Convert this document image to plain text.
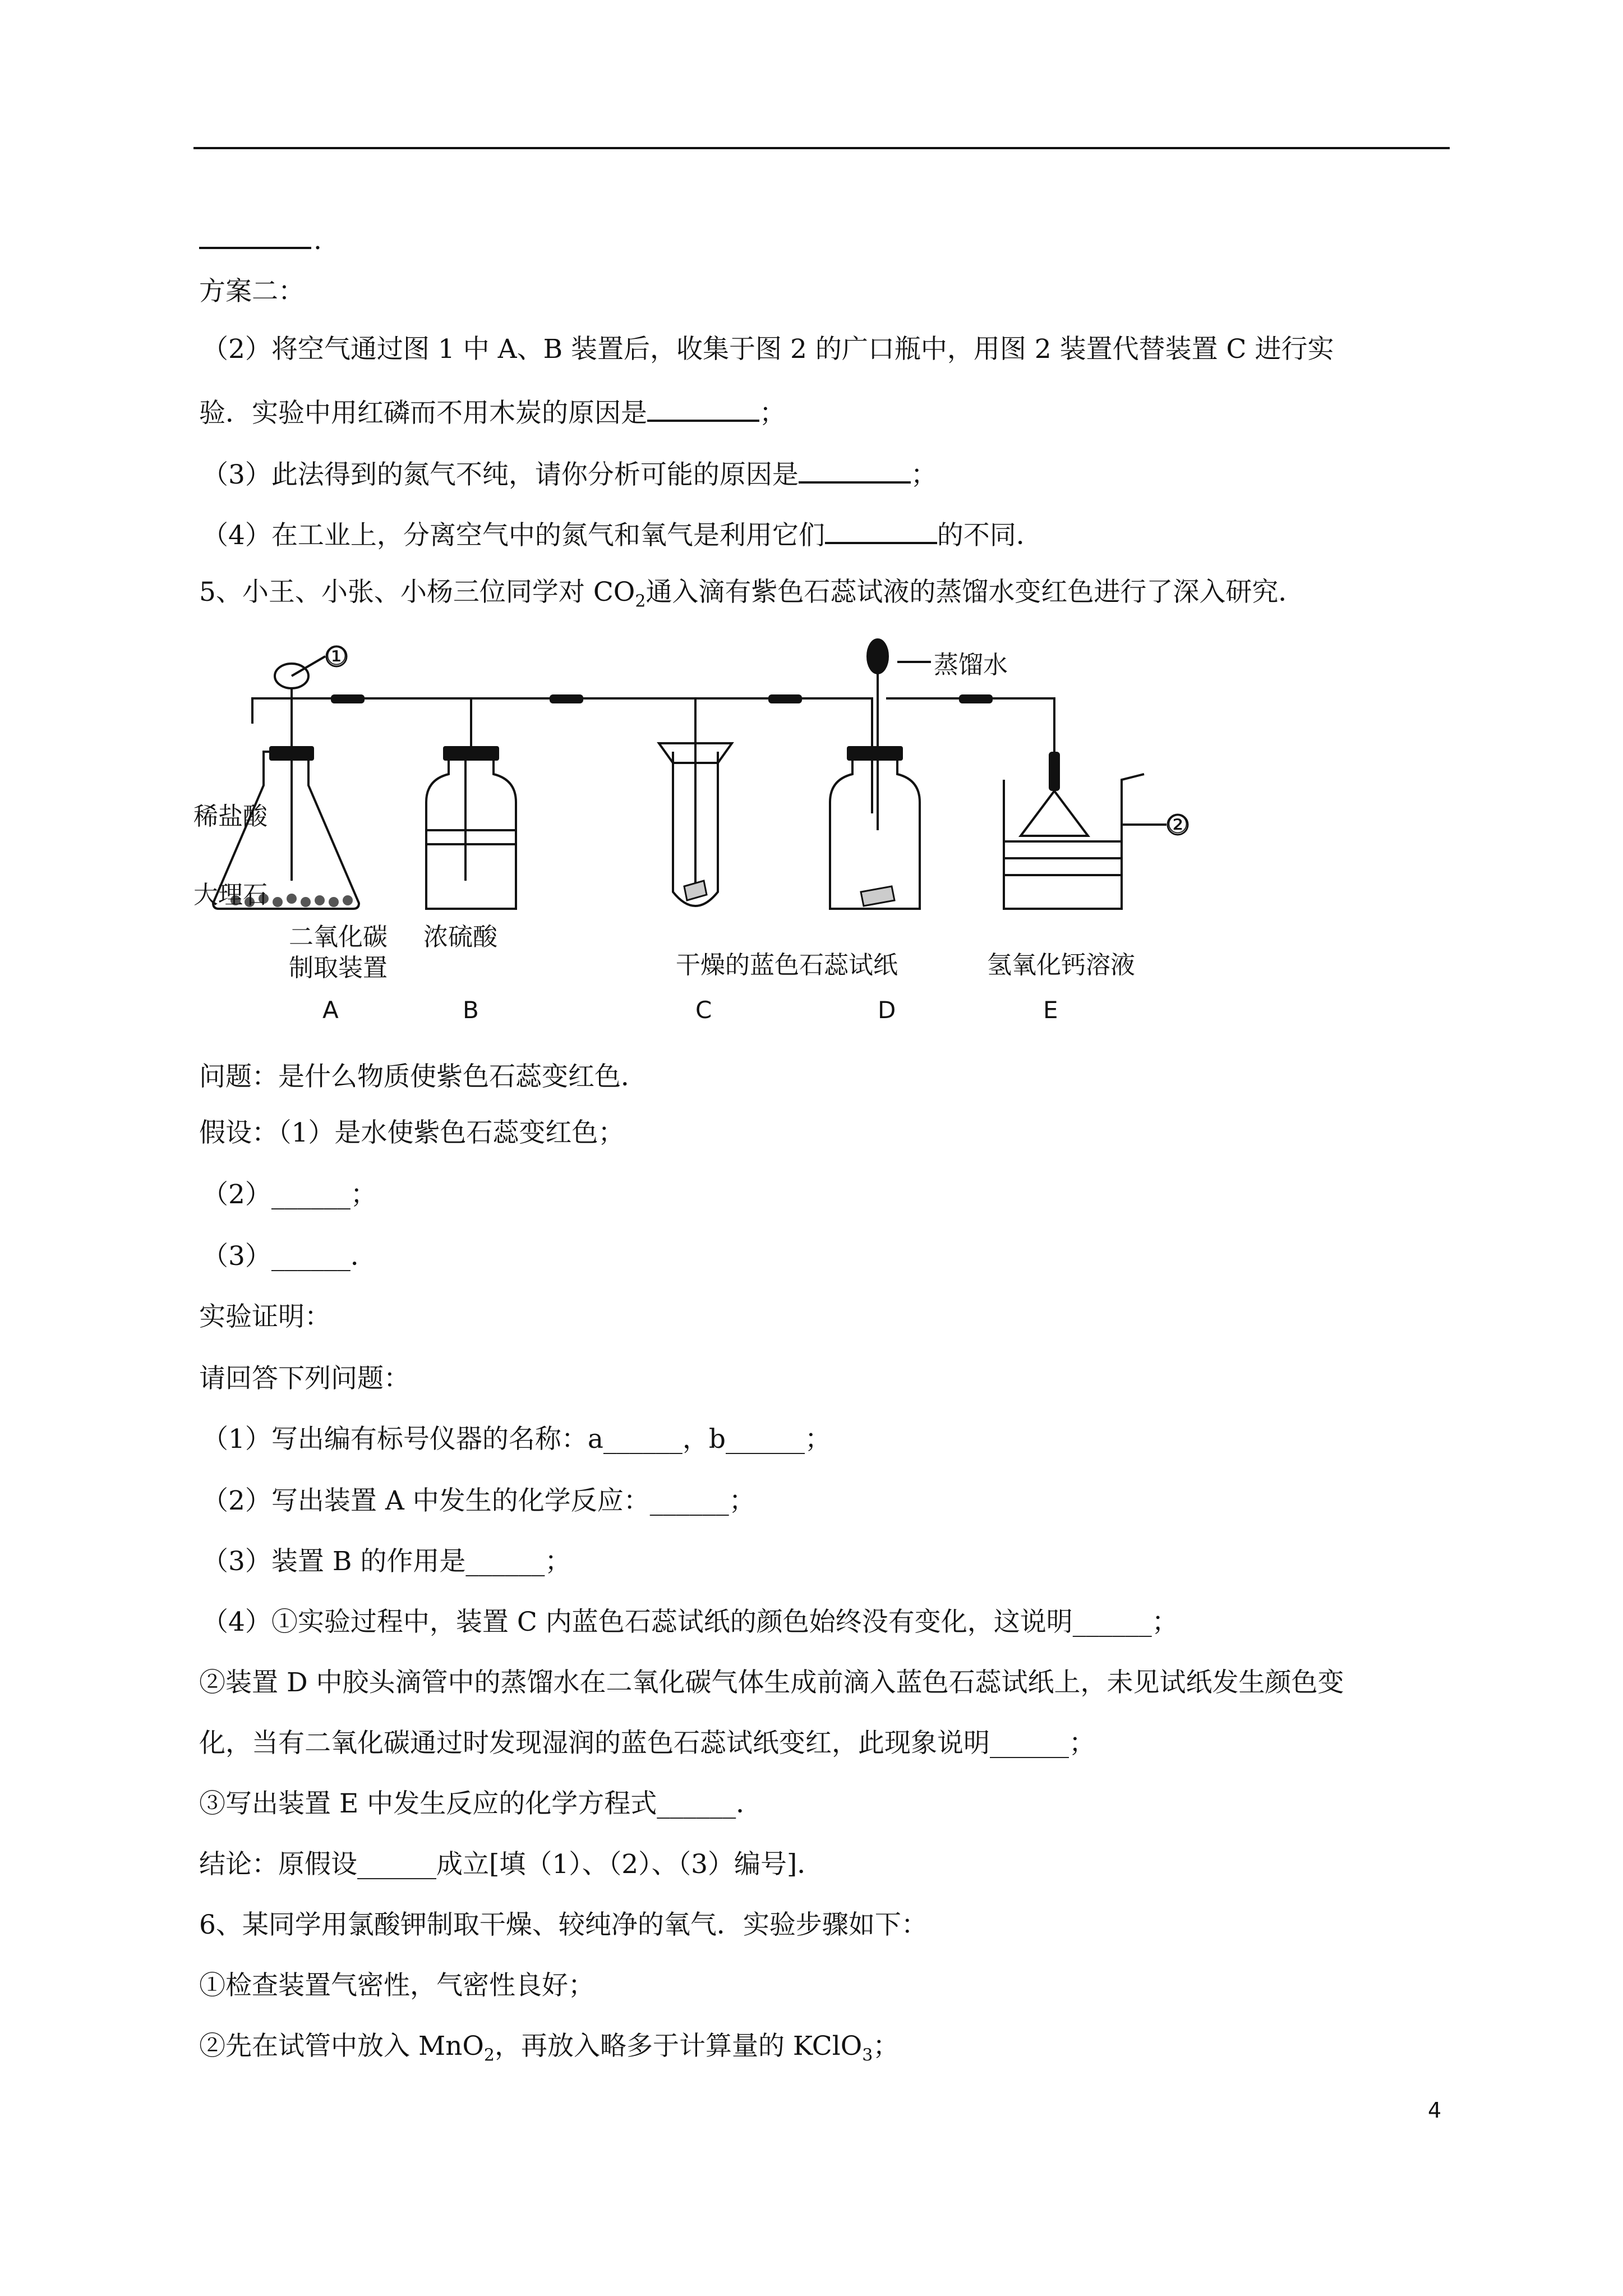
.
方案二：
（2）将空气通过图 1 中 A、B 装置后，收集于图 2 的广口瓶中，用图 2 装置代替装置 C 进行实
验．实验中用红磷而不用木炭的原因是	；
（3）此法得到的氮气不纯，请你分析可能的原因是	；
（4）在工业上，分离空气中的氮气和氧气是利用它们	的不同．
5、小王、小张、小杨三位同学对 $CO_2$通入滴有紫色石蕊试液的蒸馏水变红色进行了深入研究．
①
②
蒸馏水
稀盐酸
大理石
二氧化碳
制取装置
浓硫酸
干燥的蓝色石蕊试纸	氢氧化钙溶液
A	B	C	D	E
问题：是什么物质使紫色石蕊变红色．
假设：（1）是水使紫色石蕊变红色；
（2）______；
（3）______．
实验证明：
请回答下列问题：
（1）写出编有标号仪器的名称：a______，b______；
（2）写出装置 A 中发生的化学反应：______；
（3）装置 B 的作用是______；
（4）①实验过程中，装置 C 内蓝色石蕊试纸的颜色始终没有变化，这说明______；
②装置 D 中胶头滴管中的蒸馏水在二氧化碳气体生成前滴入蓝色石蕊试纸上，未见试纸发生颜色变
化，当有二氧化碳通过时发现湿润的蓝色石蕊试纸变红，此现象说明______；
③写出装置 E 中发生反应的化学方程式______．
结论：原假设______成立[填（1）、（2）、（3）编号]．
6、某同学用氯酸钾制取干燥、较纯净的氧气．实验步骤如下：
①检查装置气密性，气密性良好；
②先在试管中放入 MnO$_2$，再放入略多于计算量的 KClO$_3$；
4
